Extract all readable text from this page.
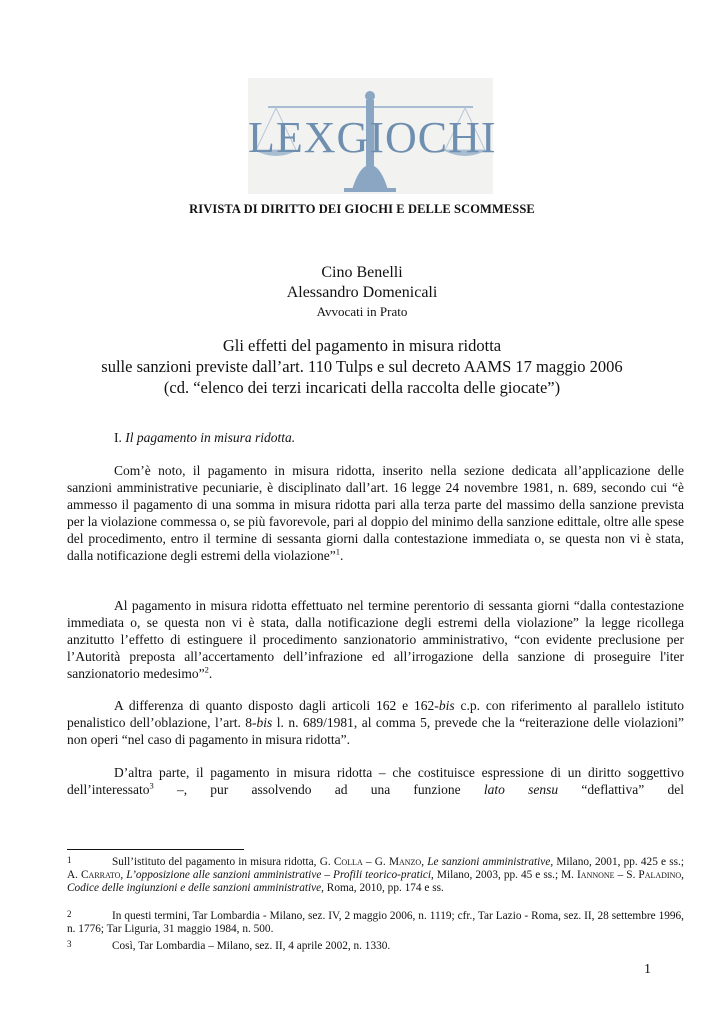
LEXGIOCHI
RIVISTA DI DIRITTO DEI GIOCHI E DELLE SCOMMESSE
Cino Benelli
Alessandro Domenicali
Avvocati in Prato
Gli effetti del pagamento in misura ridotta
sulle sanzioni previste dall’art. 110 Tulps e sul decreto AAMS 17 maggio 2006
(cd. “elenco dei terzi incaricati della raccolta delle giocate”)
I. Il pagamento in misura ridotta.

Com’è noto, il pagamento in misura ridotta, inserito nella sezione dedicata all’applicazione delle sanzioni amministrative pecuniarie, è disciplinato dall’art. 16 legge 24 novembre 1981, n. 689, secondo cui “è ammesso il pagamento di una somma in misura ridotta pari alla terza parte del massimo della sanzione prevista per la violazione commessa o, se più favorevole, pari al doppio del minimo della sanzione edittale, oltre alle spese del procedimento, entro il termine di sessanta giorni dalla contestazione immediata o, se questa non vi è stata, dalla notificazione degli estremi della violazione”$^1$.

Al pagamento in misura ridotta effettuato nel termine perentorio di sessanta giorni “dalla contestazione immediata o, se questa non vi è stata, dalla notificazione degli estremi della violazione” la legge ricollega anzitutto l’effetto di estinguere il procedimento sanzionatorio amministrativo, “con evidente preclusione per l’Autorità preposta all’accertamento dell’infrazione ed all’irrogazione della sanzione di proseguire l'iter sanzionatorio medesimo”$^2$.

A differenza di quanto disposto dagli articoli 162 e 162-bis c.p. con riferimento al parallelo istituto penalistico dell’oblazione, l’art. 8-bis l. n. 689/1981, al comma 5, prevede che la “reiterazione delle violazioni” non operi “nel caso di pagamento in misura ridotta”.

D’altra parte, il pagamento in misura ridotta – che costituisce espressione di un diritto soggettivo dell’interessato$^3$ –, pur assolvendo ad una funzione lato sensu “deflattiva” del

1	Sull’istituto del pagamento in misura ridotta, G. Colla – G. Manzo, Le sanzioni amministrative, Milano, 2001, pp. 425 e ss.; A. Carrato, L’opposizione alle sanzioni amministrative – Profili teorico-pratici, Milano, 2003, pp. 45 e ss.; M. Iannone – S. Paladino, Codice delle ingiunzioni e delle sanzioni amministrative, Roma, 2010, pp. 174 e ss.
2	In questi termini, Tar Lombardia - Milano, sez. IV, 2 maggio 2006, n. 1119; cfr., Tar Lazio - Roma, sez. II, 28 settembre 1996, n. 1776; Tar Liguria, 31 maggio 1984, n. 500.
3	Così, Tar Lombardia – Milano, sez. II, 4 aprile 2002, n. 1330.
1
